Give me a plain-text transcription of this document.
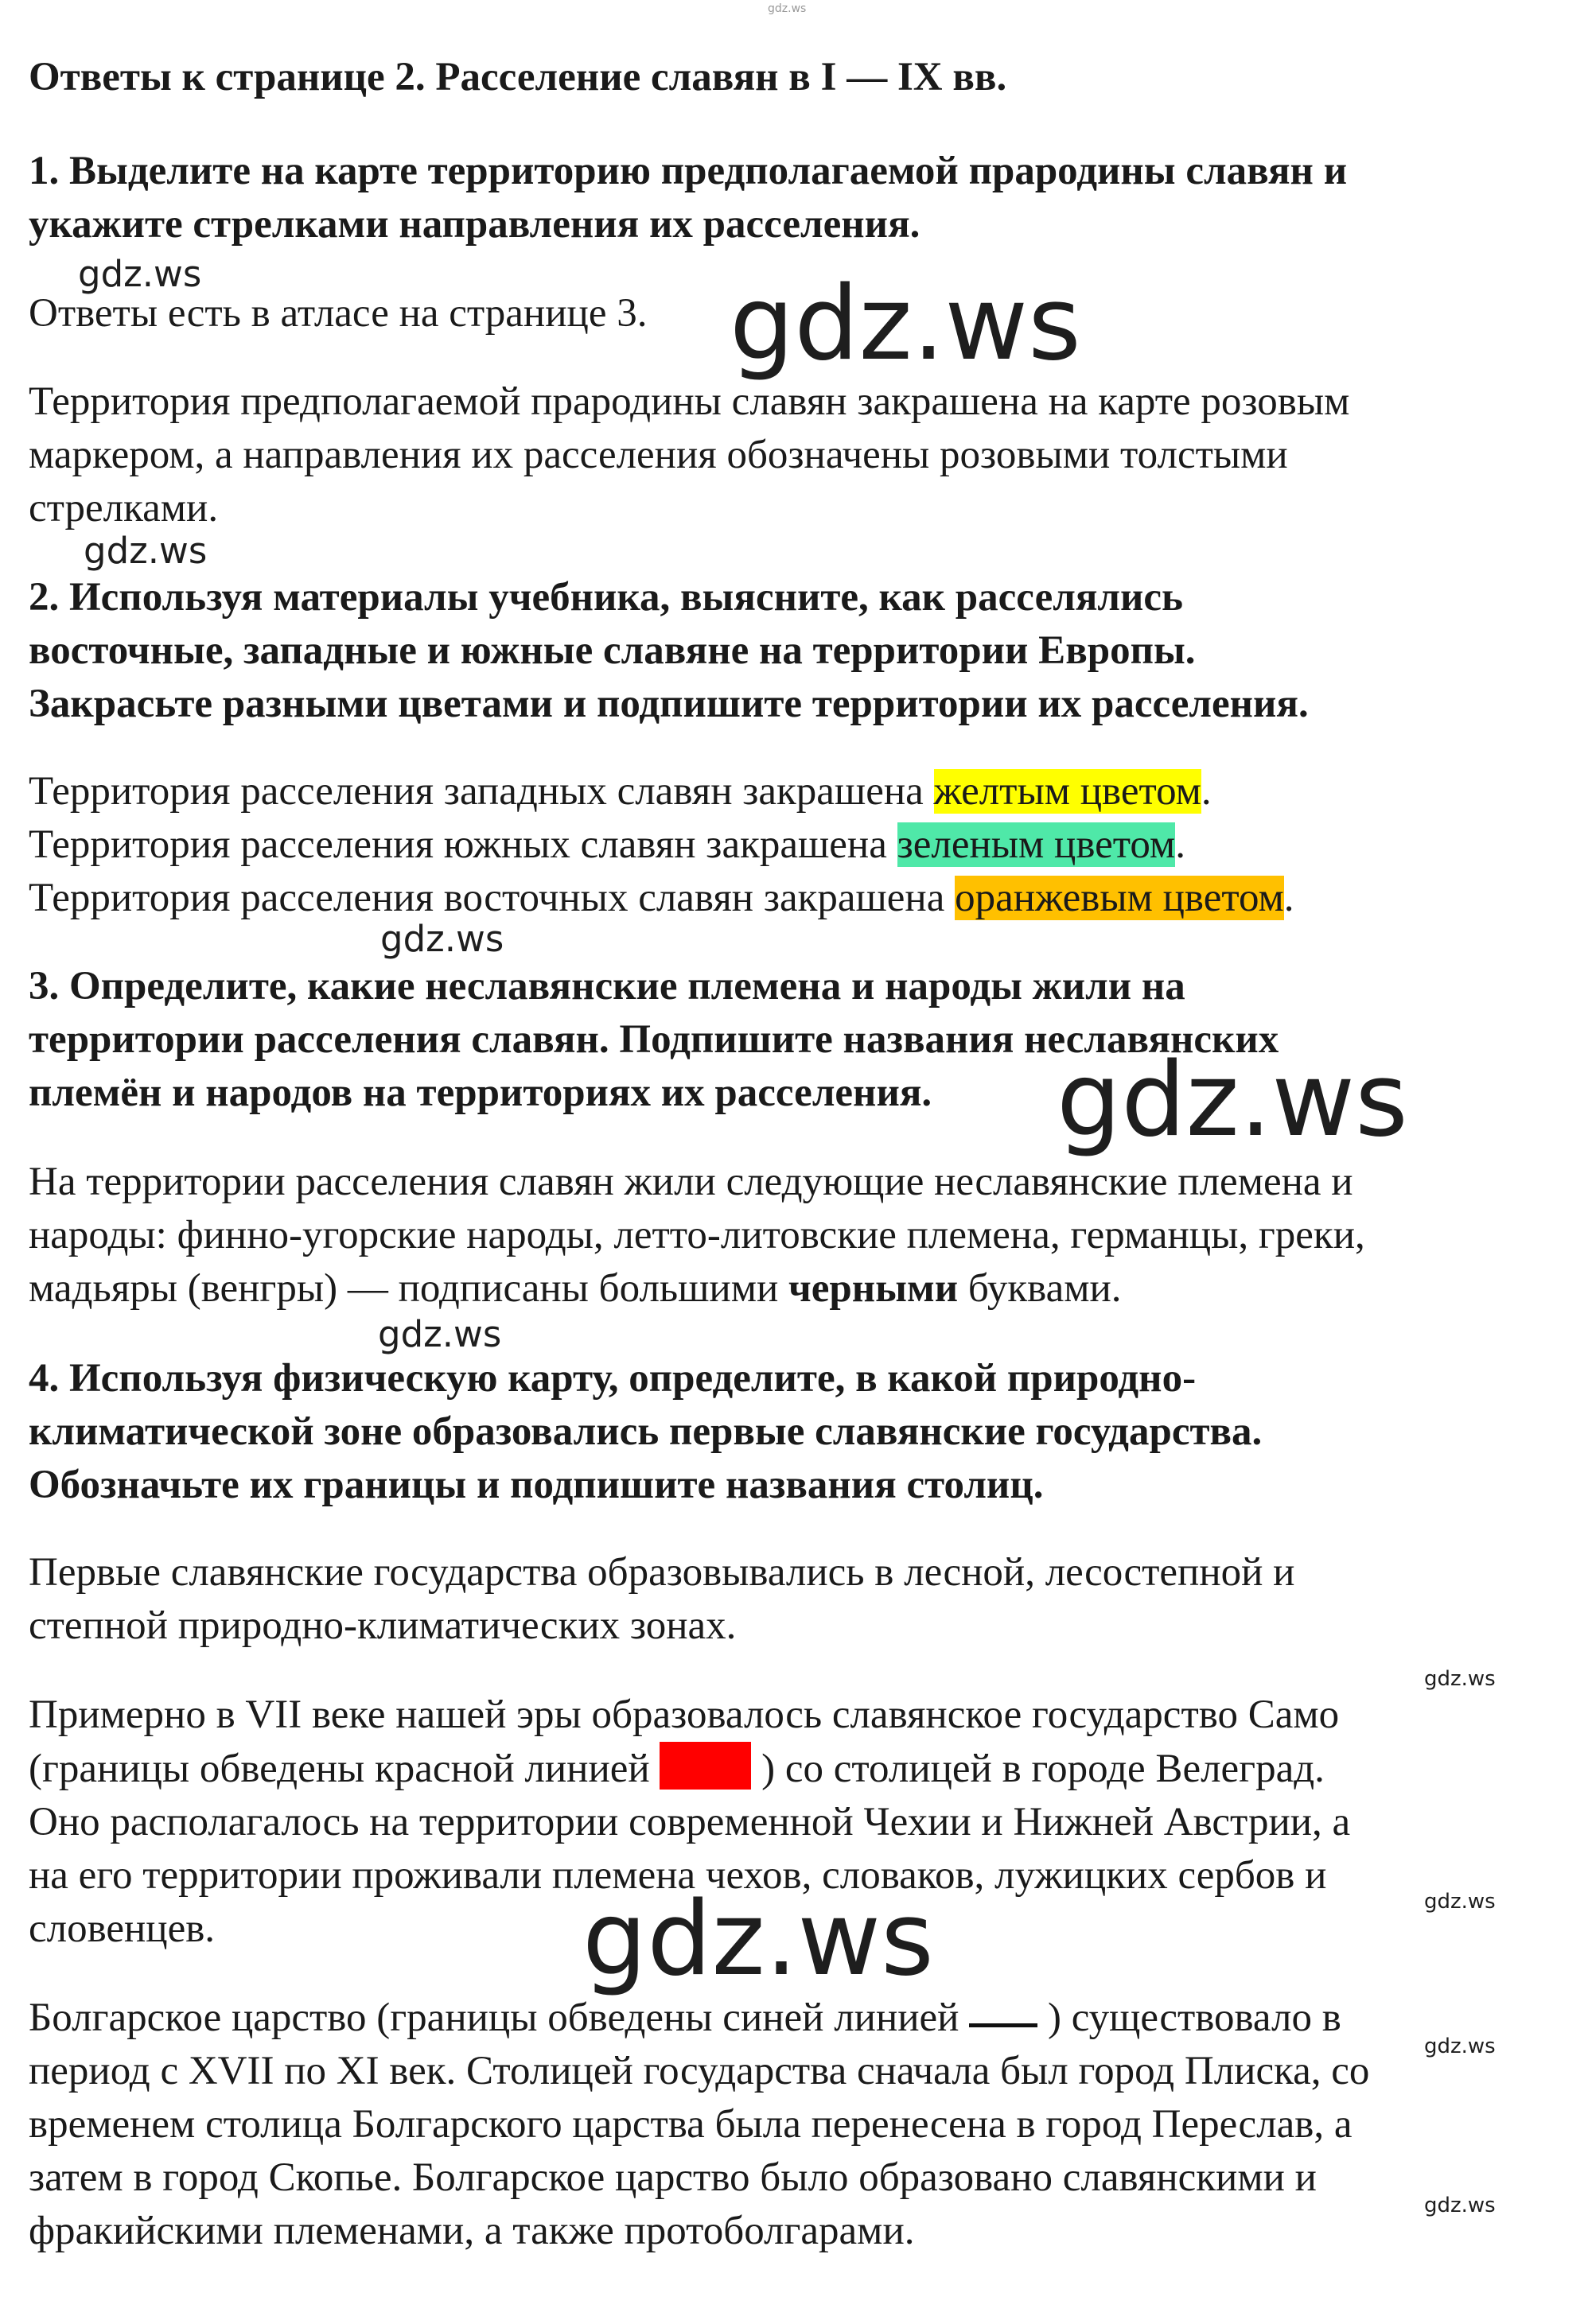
gdz.ws

Ответы к странице 2. Расселение славян в I — IX вв.

1. Выделите на карте территорию предполагаемой прародины славян и
укажите стрелками направления их расселения.

Ответы есть в атласе на странице 3.

Территория предполагаемой прародины славян закрашена на карте розовым
маркером, а направления их расселения обозначены розовыми толстыми
стрелками.

2. Используя материалы учебника, выясните, как расселялись
восточные, западные и южные славяне на территории Европы.
Закрасьте разными цветами и подпишите территории их расселения.

Территория расселения западных славян закрашена желтым цветом.
Территория расселения южных славян закрашена зеленым цветом.
Территория расселения восточных славян закрашена оранжевым цветом.

3. Определите, какие неславянские племена и народы жили на
территории расселения славян. Подпишите названия неславянских
племён и народов на территориях их расселения.

На территории расселения славян жили следующие неславянские племена и
народы: финно-угорские народы, летто-литовские племена, германцы, греки,
мадьяры (венгры) — подписаны большими черными буквами.

4. Используя физическую карту, определите, в какой природно-
климатической зоне образовались первые славянские государства.
Обозначьте их границы и подпишите названия столиц.

Первые славянские государства образовывались в лесной, лесостепной и
степной природно-климатических зонах.

Примерно в VII веке нашей эры образовалось славянское государство Само
(границы обведены красной линией  ) со столицей в городе Велеград.
Оно располагалось на территории современной Чехии и Нижней Австрии, а
на его территории проживали племена чехов, словаков, лужицких сербов и
словенцев.

Болгарское царство (границы обведены синей линией  ) существовало в
период с XVII по XI век. Столицей государства сначала был город Плиска, со
временем столица Болгарского царства была перенесена в город Переслав, а
затем в город Скопье. Болгарское царство было образовано славянскими и
фракийскими племенами, а также протоболгарами.

gdz.ws	gdz.ws
gdz.ws
gdz.ws
gdz.ws
gdz.ws
gdz.ws
gdz.ws	gdz.ws
gdz.ws
gdz.ws
